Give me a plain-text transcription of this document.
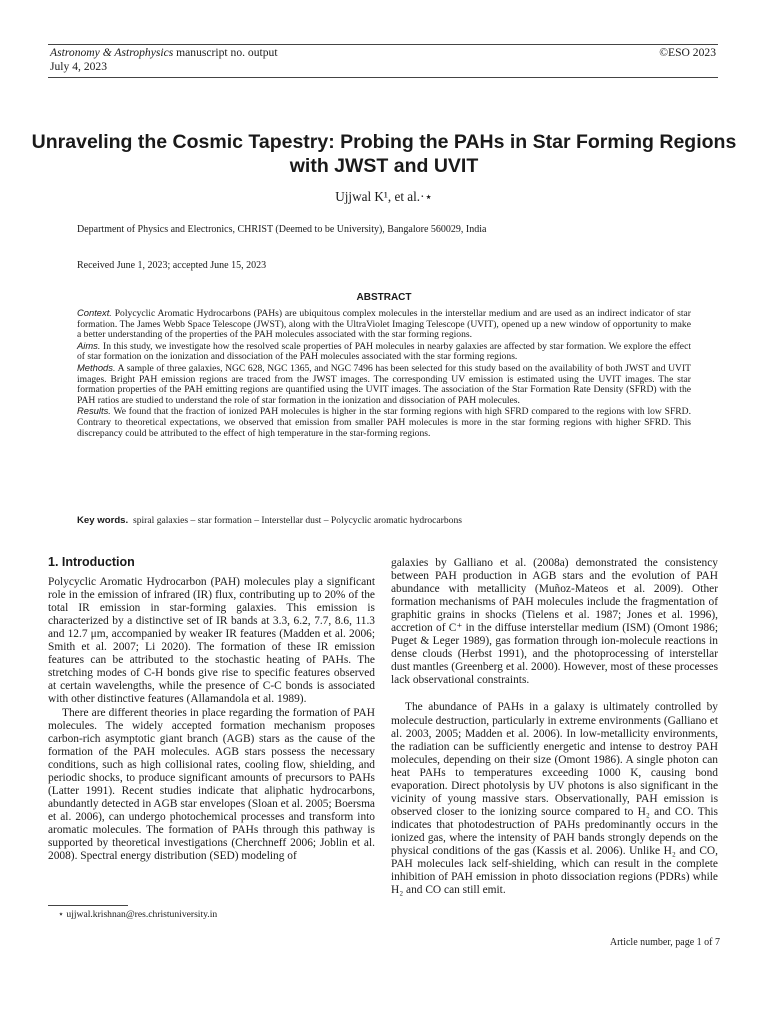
Astronomy & Astrophysics manuscript no. output
July 4, 2023
©ESO 2023
Unraveling the Cosmic Tapestry: Probing the PAHs in Star Forming Regions with JWST and UVIT
Ujjwal K¹, et al.·⋆
Department of Physics and Electronics, CHRIST (Deemed to be University), Bangalore 560029, India
Received June 1, 2023; accepted June 15, 2023
ABSTRACT

Context. Polycyclic Aromatic Hydrocarbons (PAHs) are ubiquitous complex molecules in the interstellar medium and are used as an indirect indicator of star formation. The James Webb Space Telescope (JWST), along with the UltraViolet Imaging Telescope (UVIT), opened up a new window of opportunity to make a better understanding of the properties of the PAH molecules associated with the star forming regions.

Aims. In this study, we investigate how the resolved scale properties of PAH molecules in nearby galaxies are affected by star formation. We explore the effect of star formation on the ionization and dissociation of the PAH molecules associated with the star forming regions.

Methods. A sample of three galaxies, NGC 628, NGC 1365, and NGC 7496 has been selected for this study based on the availability of both JWST and UVIT images. Bright PAH emission regions are traced from the JWST images. The corresponding UV emission is estimated using the UVIT images. The star formation properties of the PAH emitting regions are quantified using the UVIT images. The association of the Star Formation Rate Density (SFRD) with the PAH ratios are studied to understand the role of star formation in the ionization and dissociation of PAH molecules.

Results. We found that the fraction of ionized PAH molecules is higher in the star forming regions with high SFRD compared to the regions with low SFRD. Contrary to theoretical expectations, we observed that emission from smaller PAH molecules is more in the star forming regions with higher SFRD. This discrepancy could be attributed to the effect of high temperature in the star-forming regions.

Key words. spiral galaxies – star formation – Interstellar dust – Polycyclic aromatic hydrocarbons
1. Introduction

Polycyclic Aromatic Hydrocarbon (PAH) molecules play a significant role in the emission of infrared (IR) flux, contributing up to 20% of the total IR emission in star-forming galaxies. This emission is characterized by a distinctive set of IR bands at 3.3, 6.2, 7.7, 8.6, 11.3 and 12.7 μm, accompanied by weaker IR features (Madden et al. 2006; Smith et al. 2007; Li 2020). The formation of these IR emission features can be attributed to the stochastic heating of PAHs. The stretching modes of C-H bonds give rise to specific features observed at certain wavelengths, while the presence of C-C bonds is associated with other distinctive features (Allamandola et al. 1989).

There are different theories in place regarding the formation of PAH molecules. The widely accepted formation mechanism proposes carbon-rich asymptotic giant branch (AGB) stars as the cause of the formation of the PAH molecules. AGB stars possess the necessary conditions, such as high collisional rates, cooling flow, shielding, and periodic shocks, to produce significant amounts of precursors to PAHs (Latter 1991). Recent studies indicate that aliphatic hydrocarbons, abundantly detected in AGB star envelopes (Sloan et al. 2005; Boersma et al. 2006), can undergo photochemical processes and transform into aromatic molecules. The formation of PAHs through this pathway is supported by theoretical investigations (Cherchneff 2006; Joblin et al. 2008). Spectral energy distribution (SED) modeling of

galaxies by Galliano et al. (2008a) demonstrated the consistency between PAH production in AGB stars and the evolution of PAH abundance with metallicity (Muñoz-Mateos et al. 2009). Other formation mechanisms of PAH molecules include the fragmentation of graphitic grains in shocks (Tielens et al. 1987; Jones et al. 1996), accretion of C⁺ in the diffuse interstellar medium (ISM) (Omont 1986; Puget & Leger 1989), gas formation through ion-molecule reactions in dense clouds (Herbst 1991), and the photoprocessing of interstellar dust mantles (Greenberg et al. 2000). However, most of these processes lack observational constraints.

The abundance of PAHs in a galaxy is ultimately controlled by molecule destruction, particularly in extreme environments (Galliano et al. 2003, 2005; Madden et al. 2006). In low-metallicity environments, the radiation can be sufficiently energetic and intense to destroy PAH molecules, depending on their size (Omont 1986). A single photon can heat PAHs to temperatures exceeding 1000 K, causing bond evaporation. Direct photolysis by UV photons is also significant in the vicinity of young massive stars. Observationally, PAH emission is observed closer to the ionizing source compared to H₂ and CO. This indicates that photodestruction of PAHs predominantly occurs in the ionized gas, where the intensity of PAH bands strongly depends on the physical conditions of the gas (Kassis et al. 2006). Unlike H₂ and CO, PAH molecules lack self-shielding, which can result in the complete inhibition of PAH emission in photo dissociation regions (PDRs) while H₂ and CO can still emit.

⋆ ujjwal.krishnan@res.christuniversity.in
Article number, page 1 of 7
